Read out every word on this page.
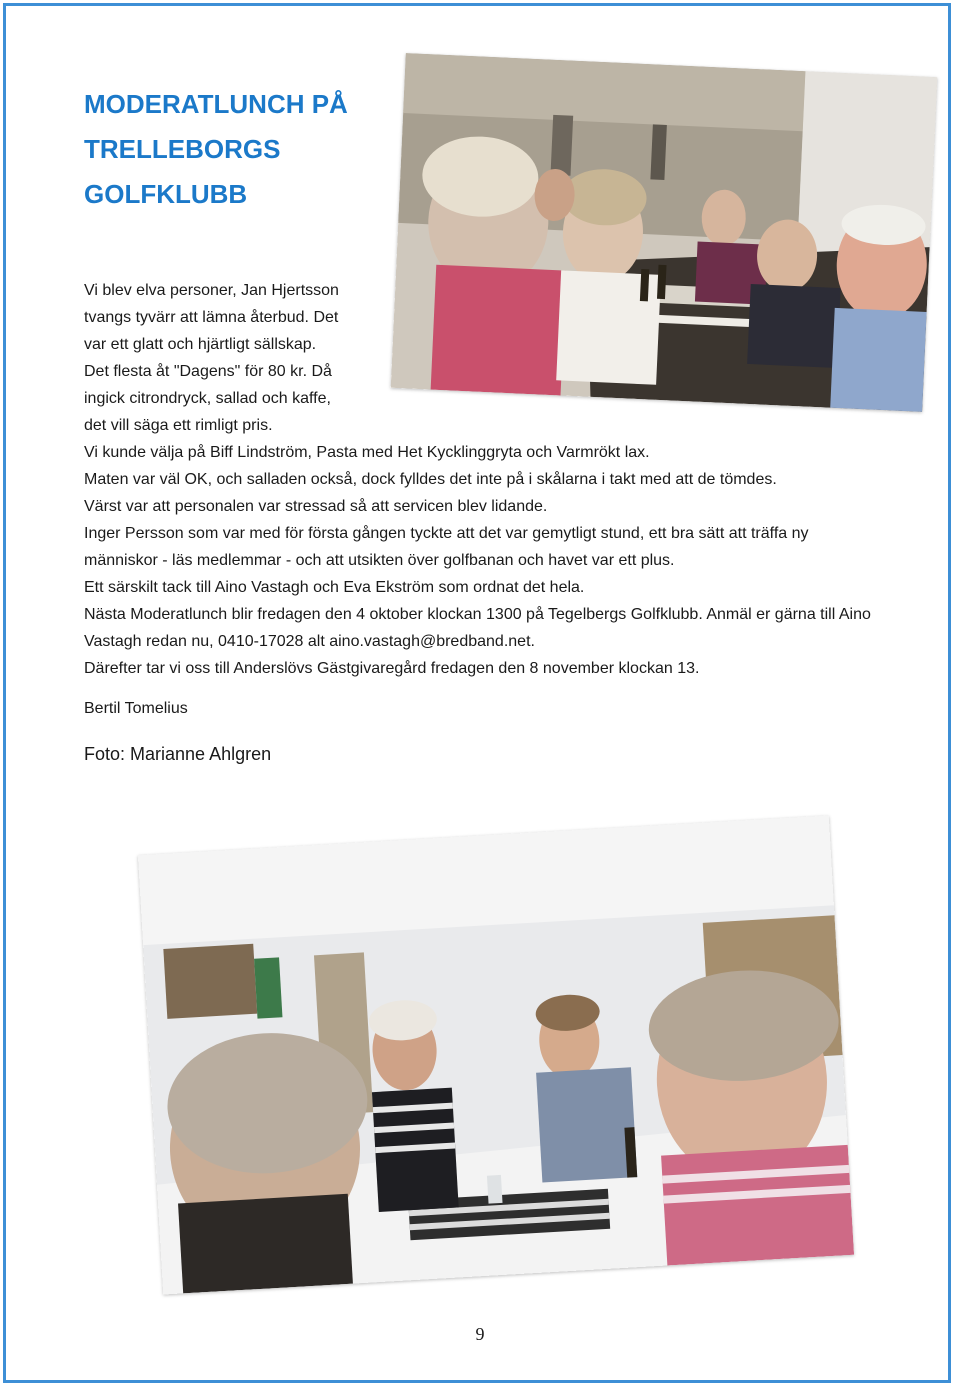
MODERATLUNCH PÅ
TRELLEBORGS
GOLFKLUBB

Vi blev elva personer, Jan Hjertsson

tvangs tyvärr att lämna återbud. Det

var ett glatt och hjärtligt sällskap.

Det flesta åt "Dagens" för 80 kr. Då

ingick citrondryck, sallad och kaffe,

det vill säga ett rimligt pris.

Vi kunde välja på Biff Lindström, Pasta med Het Kycklinggryta och Varmrökt lax.

Maten var väl OK, och salladen också, dock fylldes det inte på i skålarna i takt med att de tömdes.

Värst var att personalen var stressad så att servicen blev lidande.

Inger Persson som var med för första gången tyckte att det var gemytligt stund, ett bra sätt att träffa ny människor - läs medlemmar - och att utsikten över golfbanan och havet var ett plus.

Ett särskilt tack till Aino Vastagh och Eva Ekström som ordnat det hela.

Nästa Moderatlunch blir fredagen den 4 oktober klockan 1300 på Tegelbergs Golfklubb. Anmäl er gärna till Aino Vastagh redan nu, 0410-17028 alt aino.vastagh@bredband.net.

Därefter tar vi oss till Anderslövs Gästgivaregård fredagen den 8 november klockan 13.

Bertil Tomelius

Foto: Marianne Ahlgren

9
